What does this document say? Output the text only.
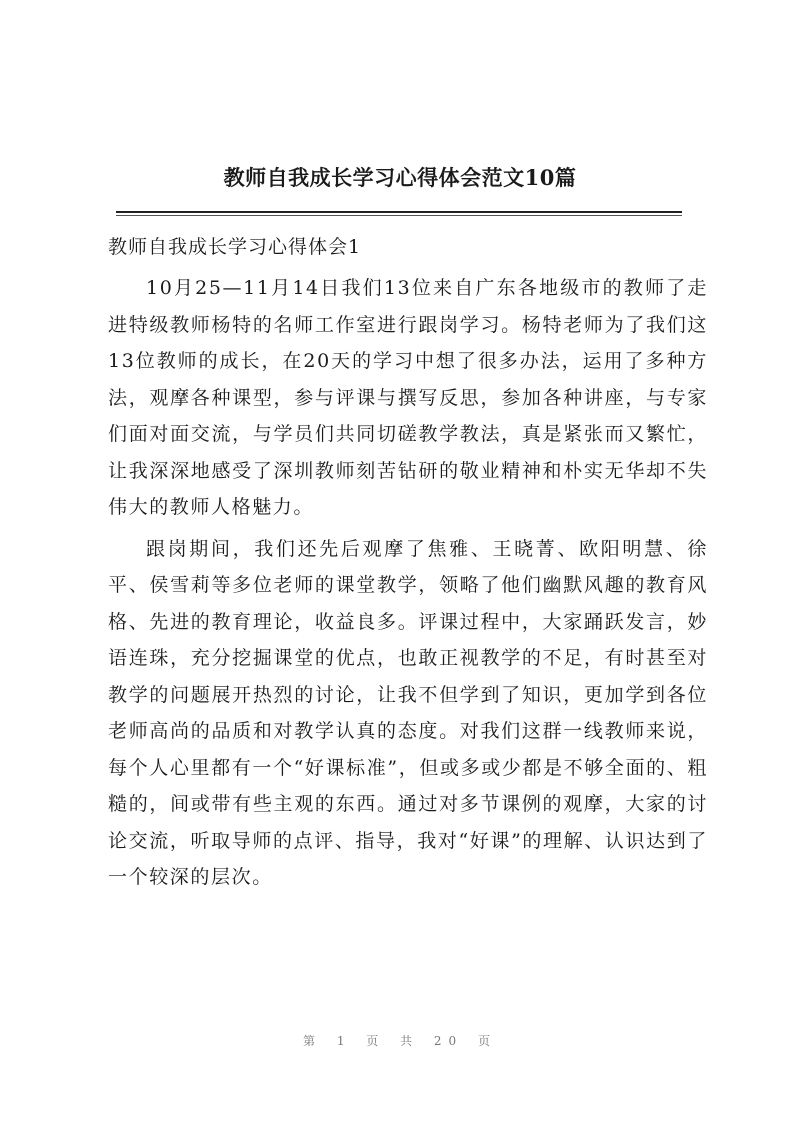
教师自我成长学习心得体会范文10篇
教师自我成长学习心得体会1

10月25—11月14日我们13位来自广东各地级市的教师了走进特级教师杨特的名师工作室进行跟岗学习。杨特老师为了我们这13位教师的成长，在20天的学习中想了很多办法，运用了多种方法，观摩各种课型，参与评课与撰写反思，参加各种讲座，与专家们面对面交流，与学员们共同切磋教学教法，真是紧张而又繁忙，让我深深地感受了深圳教师刻苦钻研的敬业精神和朴实无华却不失伟大的教师人格魅力。

跟岗期间，我们还先后观摩了焦雅、王晓菁、欧阳明慧、徐平、侯雪莉等多位老师的课堂教学，领略了他们幽默风趣的教育风格、先进的教育理论，收益良多。评课过程中，大家踊跃发言，妙语连珠，充分挖掘课堂的优点，也敢正视教学的不足，有时甚至对教学的问题展开热烈的讨论，让我不但学到了知识，更加学到各位老师高尚的品质和对教学认真的态度。对我们这群一线教师来说，每个人心里都有一个“好课标准”，但或多或少都是不够全面的、粗糙的，间或带有些主观的东西。通过对多节课例的观摩，大家的讨论交流，听取导师的点评、指导，我对“好课”的理解、认识达到了一个较深的层次。

第 1 页 共 20 页
